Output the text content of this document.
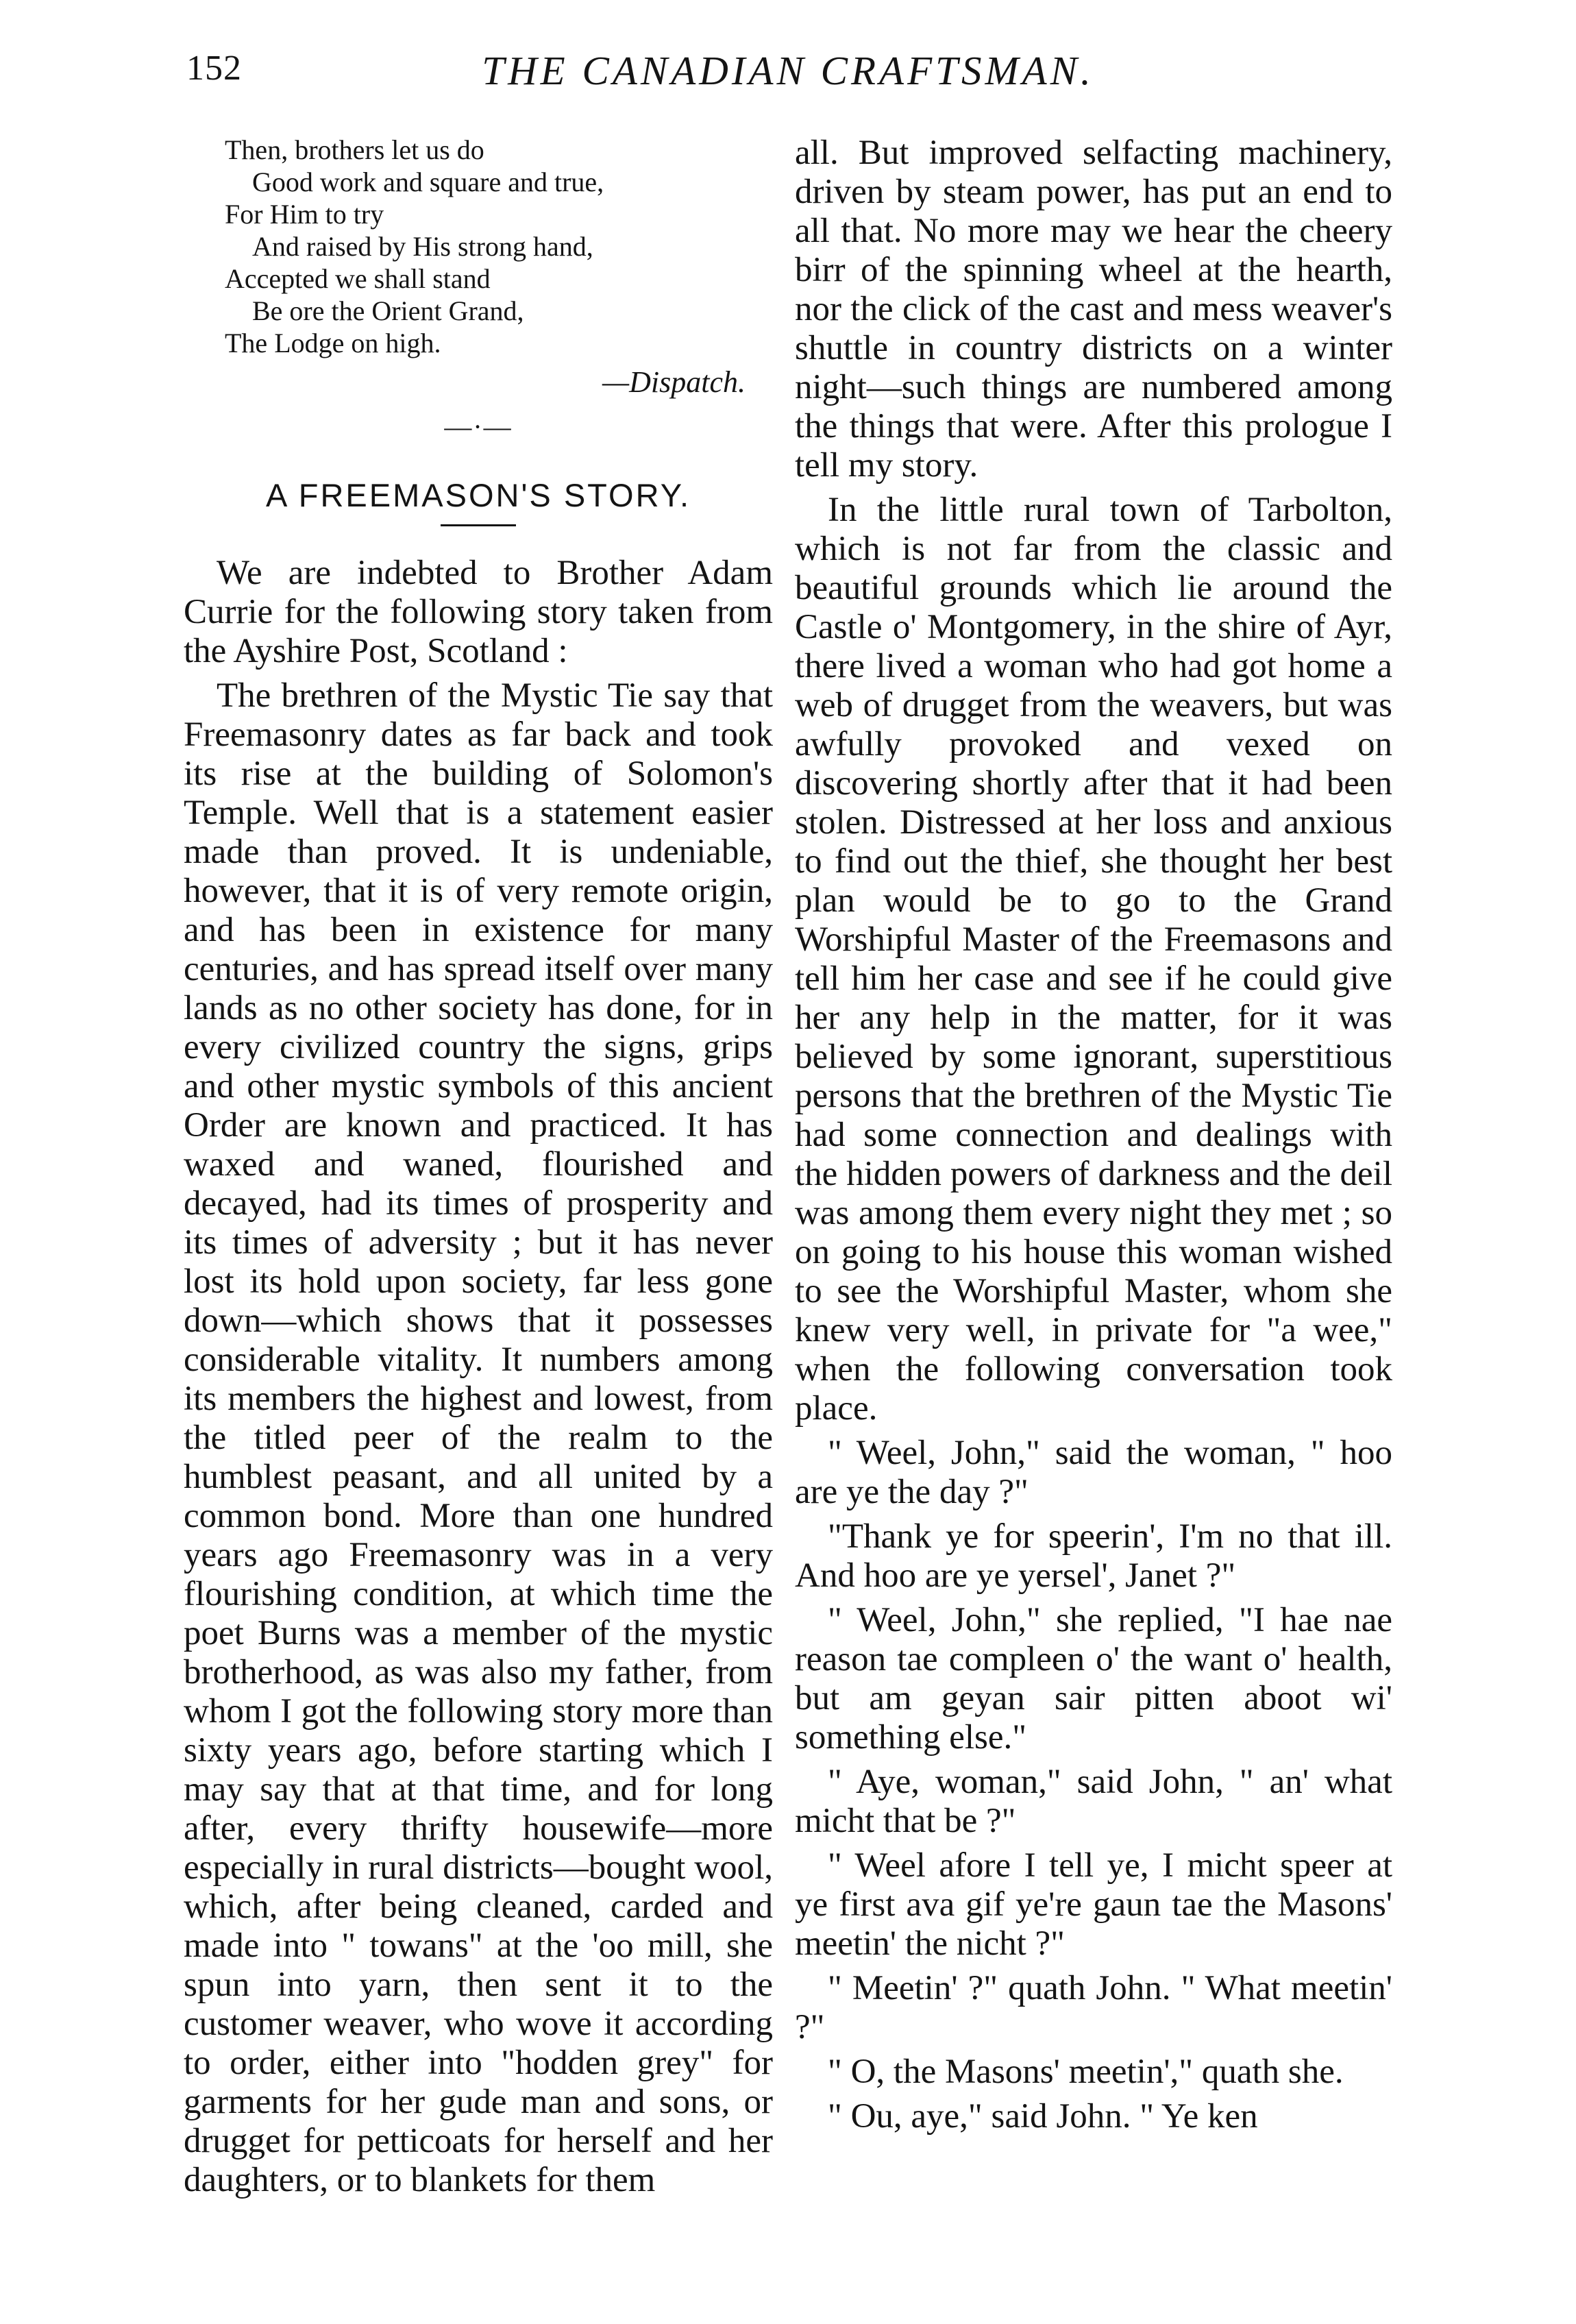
152	THE CANADIAN CRAFTSMAN.
Then, brothers let us do
Good work and square and true,
For Him to try
And raised by His strong hand,
Accepted we shall stand
Be ore the Orient Grand,
The Lodge on high.
—Dispatch.
—·—
A FREEMASON'S STORY.

We are indebted to Brother Adam Currie for the following story taken from the Ayshire Post, Scotland :

The brethren of the Mystic Tie say that Freemasonry dates as far back and took its rise at the building of Solomon's Temple. Well that is a statement easier made than proved. It is undeniable, however, that it is of very remote origin, and has been in existence for many centuries, and has spread itself over many lands as no other society has done, for in every civilized country the signs, grips and other mystic symbols of this ancient Order are known and practiced. It has waxed and waned, flourished and decayed, had its times of prosperity and its times of adversity ; but it has never lost its hold upon society, far less gone down—which shows that it possesses considerable vitality. It numbers among its members the highest and lowest, from the titled peer of the realm to the humblest peasant, and all united by a common bond. More than one hundred years ago Freemasonry was in a very flourishing condition, at which time the poet Burns was a member of the mystic brotherhood, as was also my father, from whom I got the following story more than sixty years ago, before starting which I may say that at that time, and for long after, every thrifty housewife—more especially in rural districts—bought wool, which, after being cleaned, carded and made into " towans" at the 'oo mill, she spun into yarn, then sent it to the customer weaver, who wove it according to order, either into "hodden grey" for garments for her gude man and sons, or drugget for petticoats for herself and her daughters, or to blankets for them

all. But improved selfacting machinery, driven by steam power, has put an end to all that. No more may we hear the cheery birr of the spinning wheel at the hearth, nor the click of the cast and mess weaver's shuttle in country districts on a winter night—such things are numbered among the things that were. After this prologue I tell my story.

In the little rural town of Tarbolton, which is not far from the classic and beautiful grounds which lie around the Castle o' Montgomery, in the shire of Ayr, there lived a woman who had got home a web of drugget from the weavers, but was awfully provoked and vexed on discovering shortly after that it had been stolen. Distressed at her loss and anxious to find out the thief, she thought her best plan would be to go to the Grand Worshipful Master of the Freemasons and tell him her case and see if he could give her any help in the matter, for it was believed by some ignorant, superstitious persons that the brethren of the Mystic Tie had some connection and dealings with the hidden powers of darkness and the deil was among them every night they met ; so on going to his house this woman wished to see the Worshipful Master, whom she knew very well, in private for "a wee," when the following conversation took place.

" Weel, John," said the woman, " hoo are ye the day ?"

"Thank ye for speerin', I'm no that ill. And hoo are ye yersel', Janet ?"

" Weel, John," she replied, "I hae nae reason tae compleen o' the want o' health, but am geyan sair pitten aboot wi' something else."

" Aye, woman," said John, " an' what micht that be ?"

" Weel afore I tell ye, I micht speer at ye first ava gif ye're gaun tae the Masons' meetin' the nicht ?"

" Meetin' ?" quath John. " What meetin' ?"

" O, the Masons' meetin'," quath she.

" Ou, aye," said John. " Ye ken
